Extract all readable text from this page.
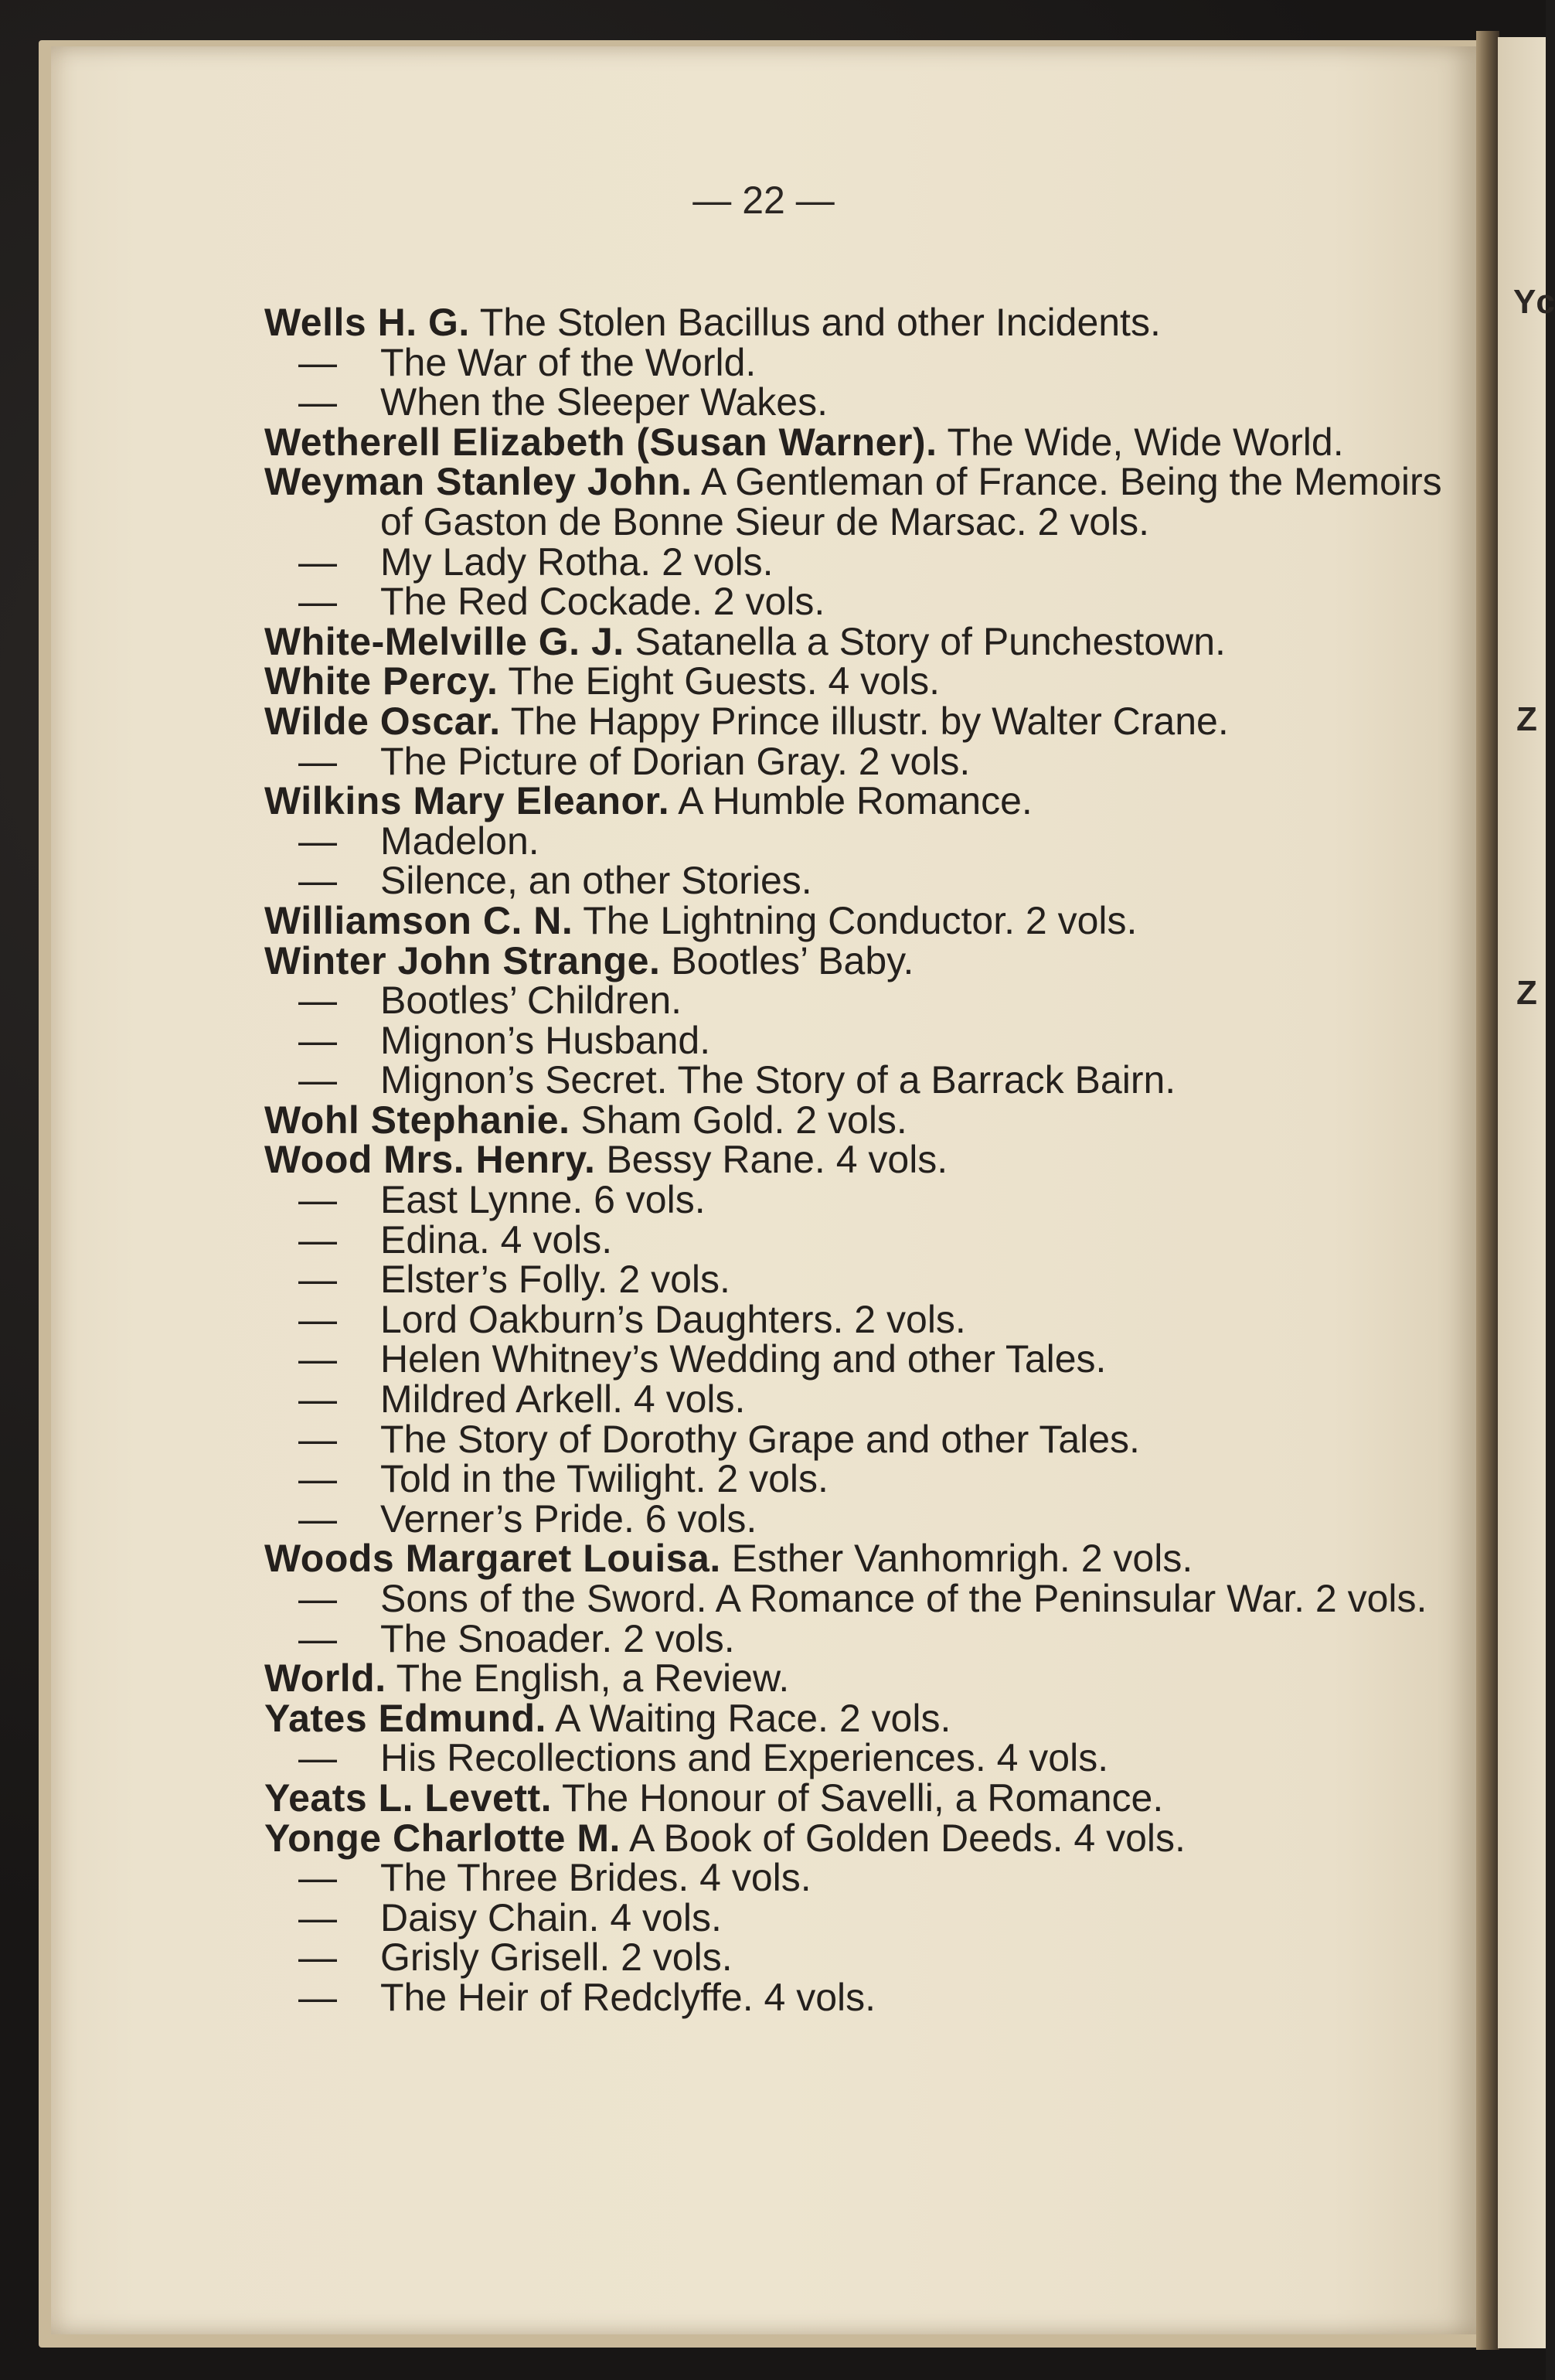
— 22 —
Wells H. G. The Stolen Bacillus and other Incidents.
— The War of the World.
— When the Sleeper Wakes.
Wetherell Elizabeth (Susan Warner). The Wide, Wide World.
Weyman Stanley John. A Gentleman of France. Being the Memoirs of Gaston de Bonne Sieur de Marsac. 2 vols.
— My Lady Rotha. 2 vols.
— The Red Cockade. 2 vols.
White-Melville G. J. Satanella a Story of Punchestown.
White Percy. The Eight Guests. 4 vols.
Wilde Oscar. The Happy Prince illustr. by Walter Crane.
— The Picture of Dorian Gray. 2 vols.
Wilkins Mary Eleanor. A Humble Romance.
— Madelon.
— Silence, an other Stories.
Williamson C. N. The Lightning Conductor. 2 vols.
Winter John Strange. Bootles’ Baby.
— Bootles’ Children.
— Mignon’s Husband.
— Mignon’s Secret. The Story of a Barrack Bairn.
Wohl Stephanie. Sham Gold. 2 vols.
Wood Mrs. Henry. Bessy Rane. 4 vols.
— East Lynne. 6 vols.
— Edina. 4 vols.
— Elster’s Folly. 2 vols.
— Lord Oakburn’s Daughters. 2 vols.
— Helen Whitney’s Wedding and other Tales.
— Mildred Arkell. 4 vols.
— The Story of Dorothy Grape and other Tales.
— Told in the Twilight. 2 vols.
— Verner’s Pride. 6 vols.
Woods Margaret Louisa. Esther Vanhomrigh. 2 vols.
— Sons of the Sword. A Romance of the Peninsular War. 2 vols.
— The Snoader. 2 vols.
World. The English, a Review.
Yates Edmund. A Waiting Race. 2 vols.
— His Recollections and Experiences. 4 vols.
Yeats L. Levett. The Honour of Savelli, a Romance.
Yonge Charlotte M. A Book of Golden Deeds. 4 vols.
— The Three Brides. 4 vols.
— Daisy Chain. 4 vols.
— Grisly Grisell. 2 vols.
— The Heir of Redclyffe. 4 vols.
Yc
Z
Z
